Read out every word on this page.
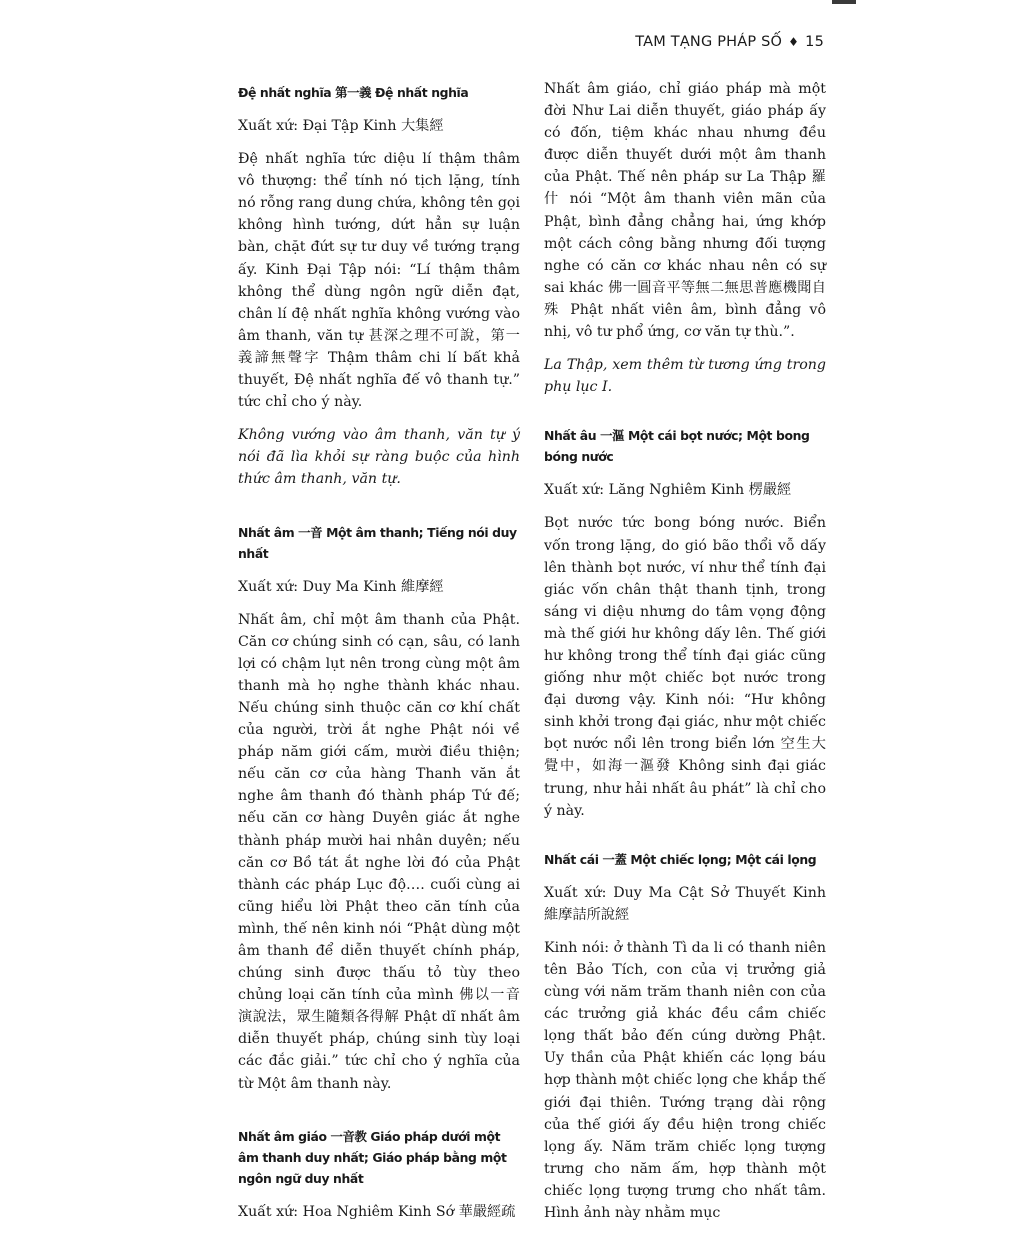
TAM TẠNG PHÁP SỐ ♦ 15
Đệ nhất nghĩa 第一義 Đệ nhất nghĩa

Xuất xứ: Đại Tập Kinh 大集經

Đệ nhất nghĩa tức diệu lí thậm thâm vô thượng: thể tính nó tịch lặng, tính nó rỗng rang dung chứa, không tên gọi không hình tướng, dứt hẳn sự luận bàn, chặt đứt sự tư duy về tướng trạng ấy. Kinh Đại Tập nói: “Lí thậm thâm không thể dùng ngôn ngữ diễn đạt, chân lí đệ nhất nghĩa không vướng vào âm thanh, văn tự 甚深之理不可說，第一義諦無聲字 Thậm thâm chi lí bất khả thuyết, Đệ nhất nghĩa đế vô thanh tự.” tức chỉ cho ý này.

Không vướng vào âm thanh, văn tự ý nói đã lìa khỏi sự ràng buộc của hình thức âm thanh, văn tự.

Nhất âm 一音 Một âm thanh; Tiếng nói duy nhất

Xuất xứ: Duy Ma Kinh 維摩經

Nhất âm, chỉ một âm thanh của Phật. Căn cơ chúng sinh có cạn, sâu, có lanh lợi có chậm lụt nên trong cùng một âm thanh mà họ nghe thành khác nhau. Nếu chúng sinh thuộc căn cơ khí chất của người, trời ắt nghe Phật nói về pháp năm giới cấm, mười điều thiện; nếu căn cơ của hàng Thanh văn ắt nghe âm thanh đó thành pháp Tứ đế; nếu căn cơ hàng Duyên giác ắt nghe thành pháp mười hai nhân duyên; nếu căn cơ Bồ tát ắt nghe lời đó của Phật thành các pháp Lục độ…. cuối cùng ai cũng hiểu lời Phật theo căn tính của mình, thế nên kinh nói “Phật dùng một âm thanh để diễn thuyết chính pháp, chúng sinh được thấu tỏ tùy theo chủng loại căn tính của mình 佛以一音演說法，眾生隨類各得解 Phật dĩ nhất âm diễn thuyết pháp, chúng sinh tùy loại các đắc giải.” tức chỉ cho ý nghĩa của từ Một âm thanh này.

Nhất âm giáo 一音教 Giáo pháp dưới một âm thanh duy nhất; Giáo pháp bằng một ngôn ngữ duy nhất

Xuất xứ: Hoa Nghiêm Kinh Sớ 華嚴經疏

Nhất âm giáo, chỉ giáo pháp mà một đời Như Lai diễn thuyết, giáo pháp ấy có đốn, tiệm khác nhau nhưng đều được diễn thuyết dưới một âm thanh của Phật. Thế nên pháp sư La Thập 羅什 nói “Một âm thanh viên mãn của Phật, bình đẳng chẳng hai, ứng khớp một cách công bằng nhưng đối tượng nghe có căn cơ khác nhau nên có sự sai khác 佛一圓音平等無二無思普應機聞自殊 Phật nhất viên âm, bình đẳng vô nhị, vô tư phổ ứng, cơ văn tự thù.”.

La Thập, xem thêm từ tương ứng trong phụ lục I.

Nhất âu 一漚 Một cái bọt nước; Một bong bóng nước

Xuất xứ: Lăng Nghiêm Kinh 楞嚴經

Bọt nước tức bong bóng nước. Biển vốn trong lặng, do gió bão thổi vỗ dấy lên thành bọt nước, ví như thể tính đại giác vốn chân thật thanh tịnh, trong sáng vi diệu nhưng do tâm vọng động mà thế giới hư không dấy lên. Thế giới hư không trong thể tính đại giác cũng giống như một chiếc bọt nước trong đại dương vậy. Kinh nói: “Hư không sinh khởi trong đại giác, như một chiếc bọt nước nổi lên trong biển lớn 空生大覺中，如海一漚發 Không sinh đại giác trung, như hải nhất âu phát” là chỉ cho ý này.

Nhất cái 一蓋 Một chiếc lọng; Một cái lọng

Xuất xứ: Duy Ma Cật Sở Thuyết Kinh 維摩詰所說經

Kinh nói: ở thành Tì da li có thanh niên tên Bảo Tích, con của vị trưởng giả cùng với năm trăm thanh niên con của các trưởng giả khác đều cầm chiếc lọng thất bảo đến cúng dường Phật. Uy thần của Phật khiến các lọng báu hợp thành một chiếc lọng che khắp thế giới đại thiên. Tướng trạng dài rộng của thế giới ấy đều hiện trong chiếc lọng ấy. Năm trăm chiếc lọng tượng trưng cho năm ấm, hợp thành một chiếc lọng tượng trưng cho nhất tâm. Hình ảnh này nhằm mục
